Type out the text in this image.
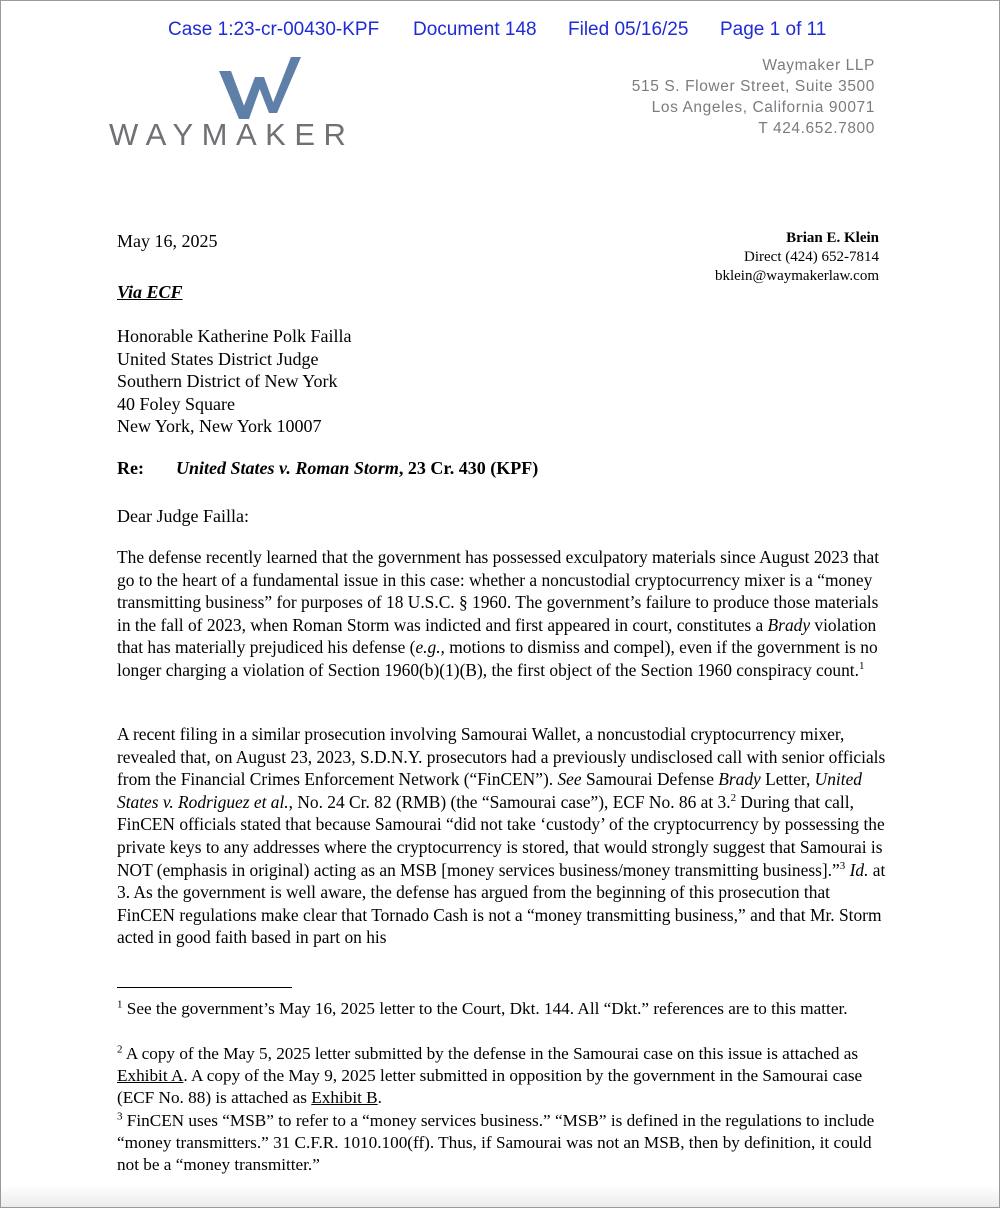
Case 1:23-cr-00430-KPF Document 148 Filed 05/16/25 Page 1 of 11
WAYMAKER
Waymaker LLP
515 S. Flower Street, Suite 3500
Los Angeles, California 90071
T 424.652.7800
May 16, 2025	Brian E. Klein
Direct (424) 652-7814
bklein@waymakerlaw.com
Via ECF
Honorable Katherine Polk Failla
United States District Judge
Southern District of New York
40 Foley Square
New York, New York 10007
Re: United States v. Roman Storm, 23 Cr. 430 (KPF)
Dear Judge Failla:

The defense recently learned that the government has possessed exculpatory materials since August 2023 that go to the heart of a fundamental issue in this case: whether a noncustodial cryptocurrency mixer is a “money transmitting business” for purposes of 18 U.S.C. § 1960. The government’s failure to produce those materials in the fall of 2023, when Roman Storm was indicted and first appeared in court, constitutes a Brady violation that has materially prejudiced his defense (e.g., motions to dismiss and compel), even if the government is no longer charging a violation of Section 1960(b)(1)(B), the first object of the Section 1960 conspiracy count.$^1$

A recent filing in a similar prosecution involving Samourai Wallet, a noncustodial cryptocurrency mixer, revealed that, on August 23, 2023, S.D.N.Y. prosecutors had a previously undisclosed call with senior officials from the Financial Crimes Enforcement Network (“FinCEN”). See Samourai Defense Brady Letter, United States v. Rodriguez et al., No. 24 Cr. 82 (RMB) (the “Samourai case”), ECF No. 86 at 3.$^2$ During that call, FinCEN officials stated that because Samourai “did not take ‘custody’ of the cryptocurrency by possessing the private keys to any addresses where the cryptocurrency is stored, that would strongly suggest that Samourai is NOT (emphasis in original) acting as an MSB [money services business/money transmitting business].”$^3$ Id. at 3. As the government is well aware, the defense has argued from the beginning of this prosecution that FinCEN regulations make clear that Tornado Cash is not a “money transmitting business,” and that Mr. Storm acted in good faith based in part on his

$^1$ See the government’s May 16, 2025 letter to the Court, Dkt. 144. All “Dkt.” references are to this matter.

$^2$ A copy of the May 5, 2025 letter submitted by the defense in the Samourai case on this issue is attached as Exhibit A. A copy of the May 9, 2025 letter submitted in opposition by the government in the Samourai case (ECF No. 88) is attached as Exhibit B.

$^3$ FinCEN uses “MSB” to refer to a “money services business.” “MSB” is defined in the regulations to include “money transmitters.” 31 C.F.R. 1010.100(ff). Thus, if Samourai was not an MSB, then by definition, it could not be a “money transmitter.”
